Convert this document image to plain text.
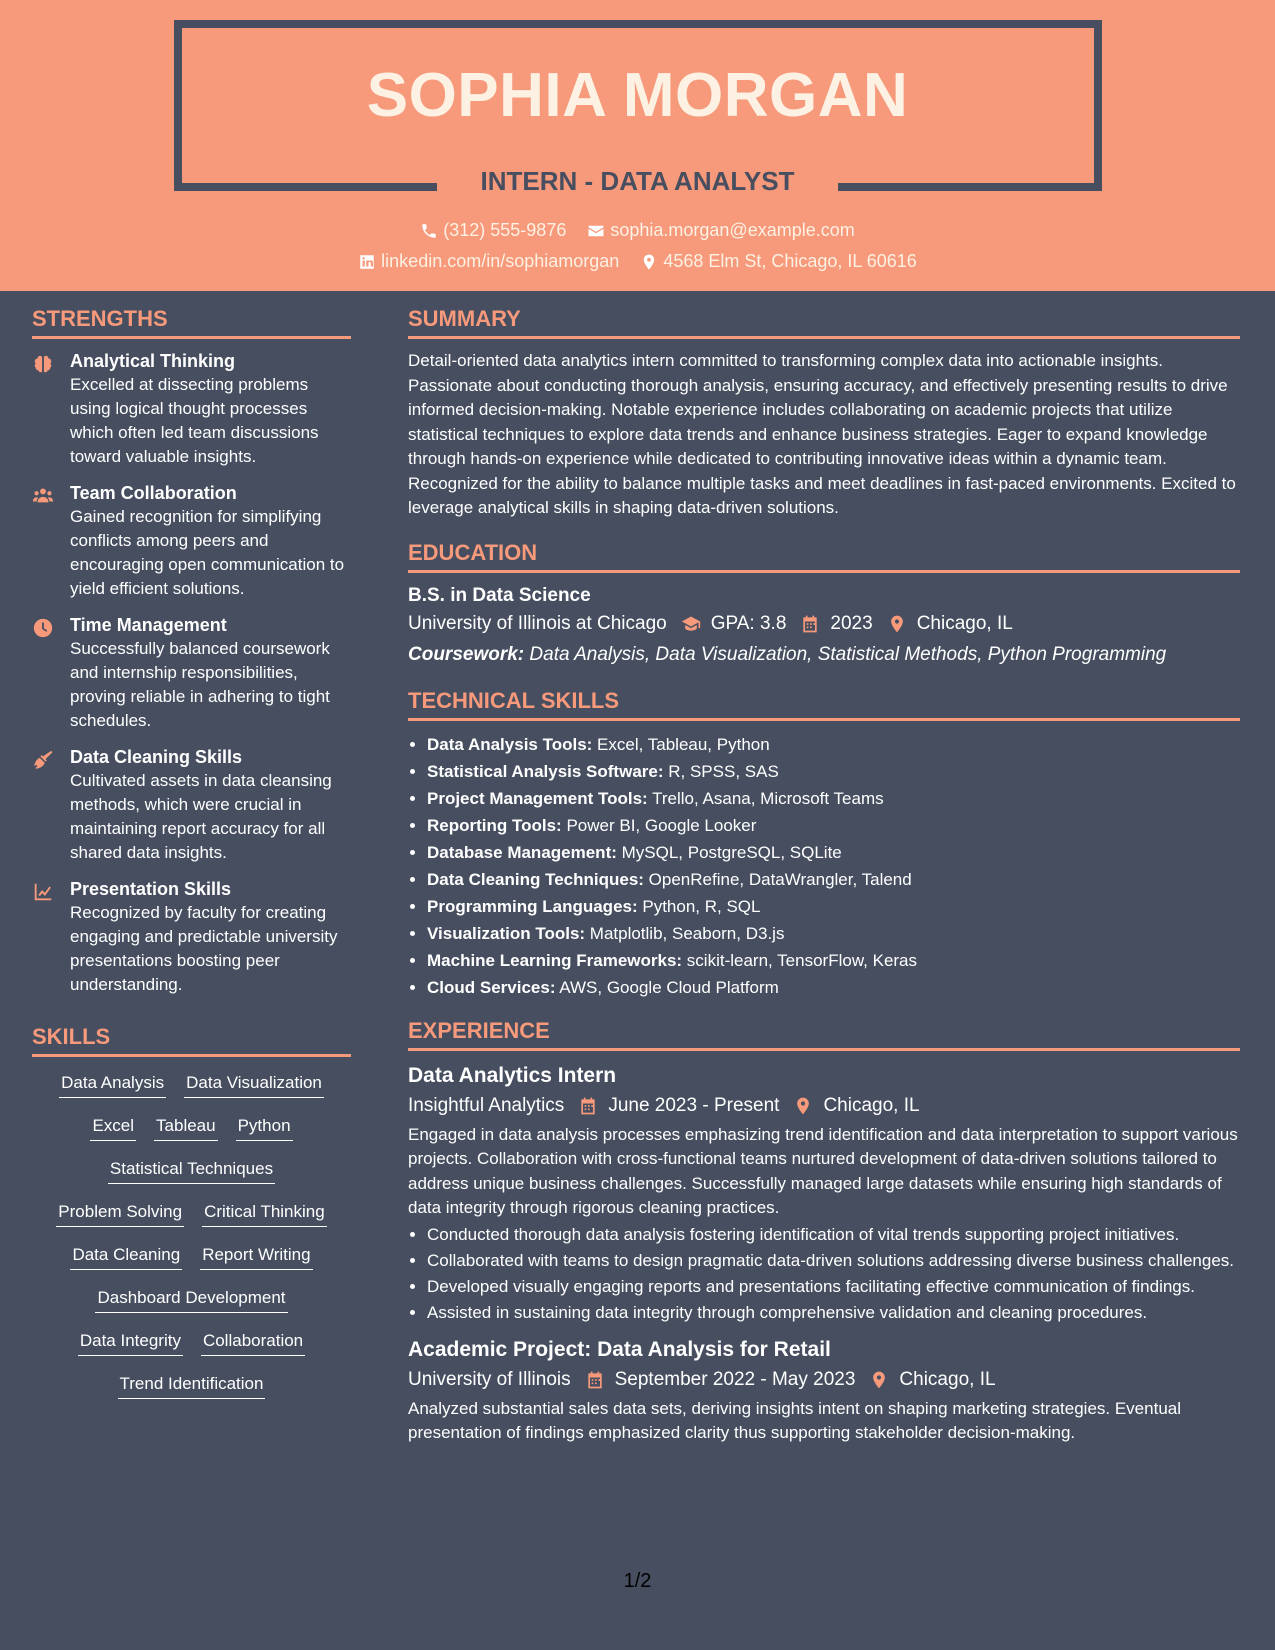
SOPHIA MORGAN
INTERN - DATA ANALYST
(312) 555-9876
sophia.morgan@example.com
linkedin.com/in/sophiamorgan
4568 Elm St, Chicago, IL 60616
STRENGTHS
Analytical Thinking
Excelled at dissecting problems using logical thought processes which often led team discussions toward valuable insights.
Team Collaboration
Gained recognition for simplifying conflicts among peers and encouraging open communication to yield efficient solutions.
Time Management
Successfully balanced coursework and internship responsibilities, proving reliable in adhering to tight schedules.
Data Cleaning Skills
Cultivated assets in data cleansing methods, which were crucial in maintaining report accuracy for all shared data insights.
Presentation Skills
Recognized by faculty for creating engaging and predictable university presentations boosting peer understanding.
SKILLS
Data Analysis Data Visualization
Excel Tableau Python
Statistical Techniques
Problem Solving Critical Thinking
Data Cleaning Report Writing
Dashboard Development
Data Integrity Collaboration
Trend Identification
SUMMARY
Detail-oriented data analytics intern committed to transforming complex data into actionable insights. Passionate about conducting thorough analysis, ensuring accuracy, and effectively presenting results to drive informed decision-making. Notable experience includes collaborating on academic projects that utilize statistical techniques to explore data trends and enhance business strategies. Eager to expand knowledge through hands-on experience while dedicated to contributing innovative ideas within a dynamic team. Recognized for the ability to balance multiple tasks and meet deadlines in fast-paced environments. Excited to leverage analytical skills in shaping data-driven solutions.
EDUCATION
B.S. in Data Science
University of Illinois at Chicago GPA: 3.8 2023 Chicago, IL
Coursework: Data Analysis, Data Visualization, Statistical Methods, Python Programming
TECHNICAL SKILLS
• Data Analysis Tools: Excel, Tableau, Python
• Statistical Analysis Software: R, SPSS, SAS
• Project Management Tools: Trello, Asana, Microsoft Teams
• Reporting Tools: Power BI, Google Looker
• Database Management: MySQL, PostgreSQL, SQLite
• Data Cleaning Techniques: OpenRefine, DataWrangler, Talend
• Programming Languages: Python, R, SQL
• Visualization Tools: Matplotlib, Seaborn, D3.js
• Machine Learning Frameworks: scikit-learn, TensorFlow, Keras
• Cloud Services: AWS, Google Cloud Platform
EXPERIENCE
Data Analytics Intern
Insightful Analytics June 2023 - Present Chicago, IL
Engaged in data analysis processes emphasizing trend identification and data interpretation to support various projects. Collaboration with cross-functional teams nurtured development of data-driven solutions tailored to address unique business challenges. Successfully managed large datasets while ensuring high standards of data integrity through rigorous cleaning practices.
• Conducted thorough data analysis fostering identification of vital trends supporting project initiatives.
• Collaborated with teams to design pragmatic data-driven solutions addressing diverse business challenges.
• Developed visually engaging reports and presentations facilitating effective communication of findings.
• Assisted in sustaining data integrity through comprehensive validation and cleaning procedures.
Academic Project: Data Analysis for Retail
University of Illinois September 2022 - May 2023 Chicago, IL
Analyzed substantial sales data sets, deriving insights intent on shaping marketing strategies. Eventual presentation of findings emphasized clarity thus supporting stakeholder decision-making.
1/2
